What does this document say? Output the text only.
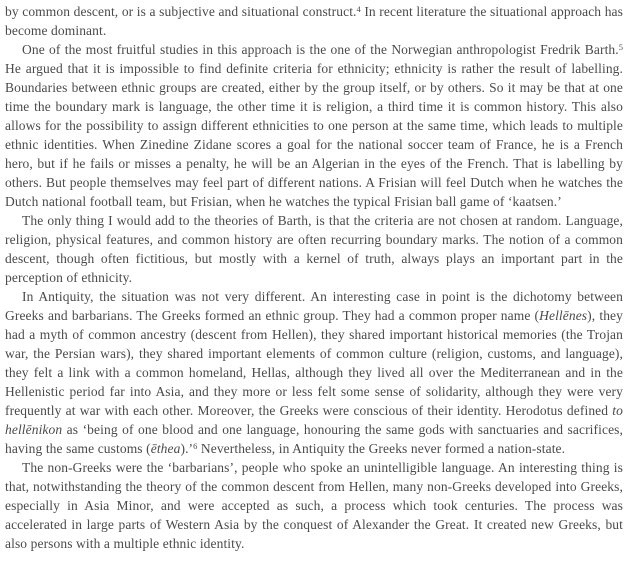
by common descent, or is a subjective and situational construct.$^4$ In recent literature the situational approach has become dominant.

One of the most fruitful studies in this approach is the one of the Norwegian anthropologist Fredrik Barth.$^5$ He argued that it is impossible to find definite criteria for ethnicity; ethnicity is rather the result of labelling. Boundaries between ethnic groups are created, either by the group itself, or by others. So it may be that at one time the boundary mark is language, the other time it is religion, a third time it is common history. This also allows for the possibility to assign different ethnicities to one person at the same time, which leads to multiple ethnic identities. When Zinedine Zidane scores a goal for the national soccer team of France, he is a French hero, but if he fails or misses a penalty, he will be an Algerian in the eyes of the French. That is labelling by others. But people themselves may feel part of different nations. A Frisian will feel Dutch when he watches the Dutch national football team, but Frisian, when he watches the typical Frisian ball game of ‘kaatsen.’

The only thing I would add to the theories of Barth, is that the criteria are not chosen at random. Language, religion, physical features, and common history are often recurring boundary marks. The notion of a common descent, though often fictitious, but mostly with a kernel of truth, always plays an important part in the perception of ethnicity.

In Antiquity, the situation was not very different. An interesting case in point is the dichotomy between Greeks and barbarians. The Greeks formed an ethnic group. They had a common proper name (Hellēnes), they had a myth of common ancestry (descent from Hellen), they shared important historical memories (the Trojan war, the Persian wars), they shared important elements of common culture (religion, customs, and language), they felt a link with a common homeland, Hellas, although they lived all over the Mediterranean and in the Hellenistic period far into Asia, and they more or less felt some sense of solidarity, although they were very frequently at war with each other. Moreover, the Greeks were conscious of their identity. Herodotus defined to hellēnikon as ‘being of one blood and one language, honouring the same gods with sanctuaries and sacrifices, having the same customs (ēthea).’$^6$ Nevertheless, in Antiquity the Greeks never formed a nation-state.

The non-Greeks were the ‘barbarians’, people who spoke an unintelligible language. An interesting thing is that, notwithstanding the theory of the common descent from Hellen, many non-Greeks developed into Greeks, especially in Asia Minor, and were accepted as such, a process which took centuries. The process was accelerated in large parts of Western Asia by the conquest of Alexander the Great. It created new Greeks, but also persons with a multiple ethnic identity.
